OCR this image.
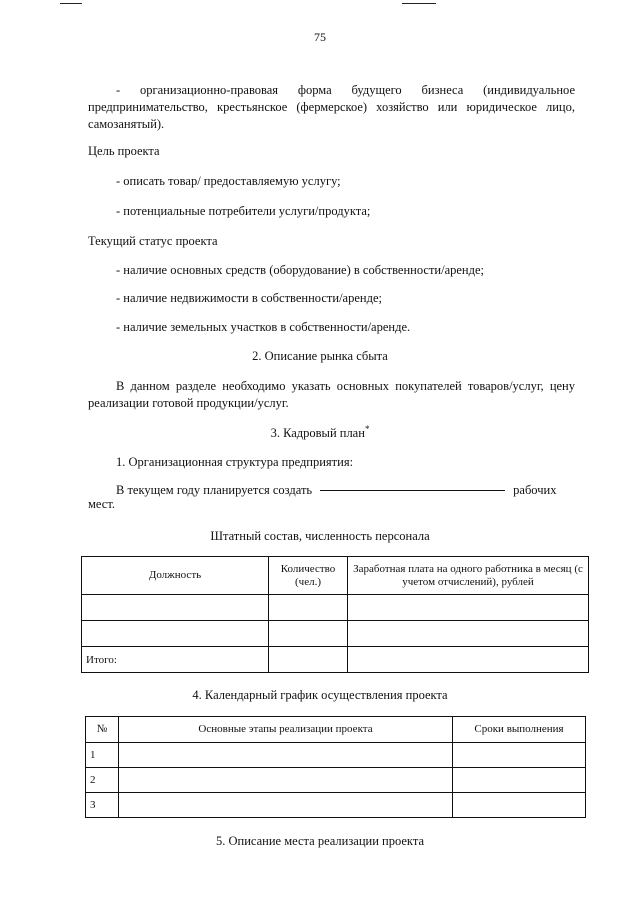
75
- организационно-правовая форма будущего бизнеса (индивидуальное предпринимательство, крестьянское (фермерское) хозяйство или юридическое лицо, самозанятый).
Цель проекта
- описать товар/ предоставляемую услугу;
- потенциальные потребители услуги/продукта;
Текущий статус проекта
- наличие основных средств (оборудование) в собственности/аренде;
- наличие недвижимости в собственности/аренде;
- наличие земельных участков в собственности/аренде.
2. Описание рынка сбыта
В данном разделе необходимо указать основных покупателей товаров/услуг, цену реализации готовой продукции/услуг.
3. Кадровый план*
1. Организационная структура предприятия:
В текущем году планируется создать	рабочих
мест.
Штатный состав, численность персонала
Должность	Количество (чел.)	Заработная плата на одного работника в месяц (с учетом отчислений), рублей

Итого:		
4. Календарный график осуществления проекта
№	Основные этапы реализации проекта	Сроки выполнения
1		
2		
3		
5. Описание места реализации проекта
